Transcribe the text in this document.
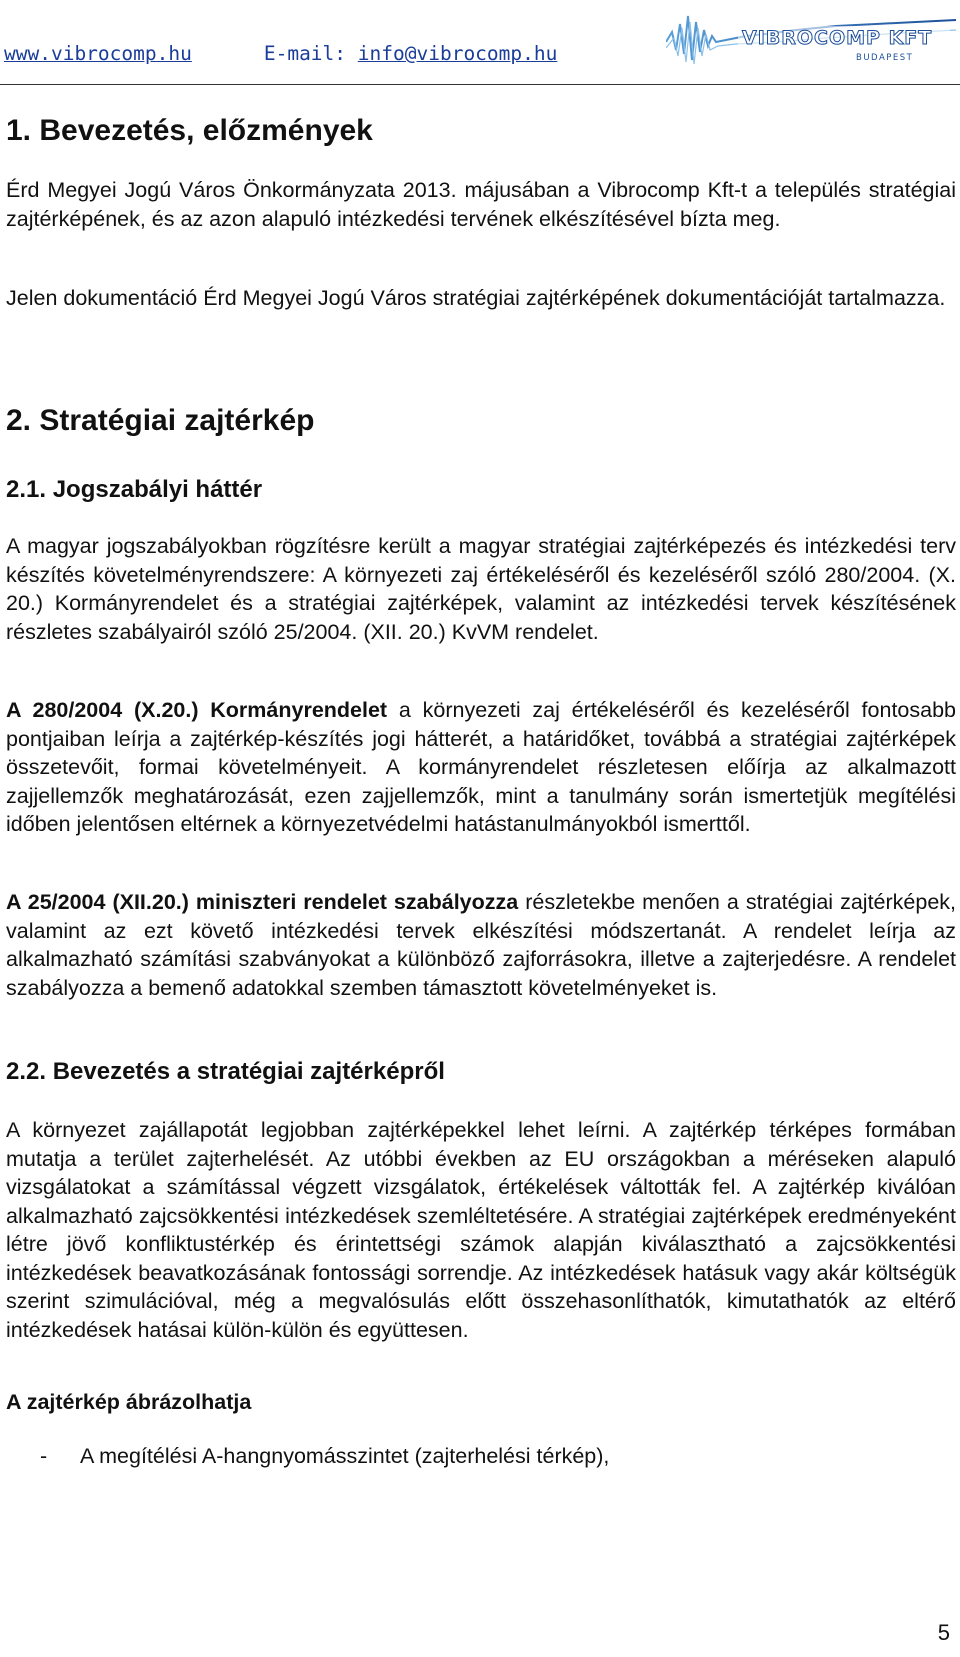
www.vibrocomp.hu	E-mail: info@vibrocomp.hu
VIBROCOMP KFT
BUDAPEST
1. Bevezetés, előzmények

Érd Megyei Jogú Város Önkormányzata 2013. májusában a Vibrocomp Kft-t a település stratégiai zajtérképének, és az azon alapuló intézkedési tervének elkészítésével bízta meg.

Jelen dokumentáció Érd Megyei Jogú Város stratégiai zajtérképének dokumentációját tartalmazza.

2. Stratégiai zajtérkép
2.1. Jogszabályi háttér

A magyar jogszabályokban rögzítésre került a magyar stratégiai zajtérképezés és intézkedési terv készítés követelményrendszere: A környezeti zaj értékeléséről és kezeléséről szóló 280/2004. (X. 20.) Kormányrendelet és a stratégiai zajtérképek, valamint az intézkedési tervek készítésének részletes szabályairól szóló 25/2004. (XII. 20.) KvVM rendelet.

A 280/2004 (X.20.) Kormányrendelet a környezeti zaj értékeléséről és kezeléséről fontosabb pontjaiban leírja a zajtérkép-készítés jogi hátterét, a határidőket, továbbá a stratégiai zajtérképek összetevőit, formai követelményeit. A kormányrendelet részletesen előírja az alkalmazott zajjellemzők meghatározását, ezen zajjellemzők, mint a tanulmány során ismertetjük megítélési időben jelentősen eltérnek a környezetvédelmi hatástanulmányokból ismerttől.

A 25/2004 (XII.20.) miniszteri rendelet szabályozza részletekbe menően a stratégiai zajtérképek, valamint az ezt követő intézkedési tervek elkészítési módszertanát. A rendelet leírja az alkalmazható számítási szabványokat a különböző zajforrásokra, illetve a zajterjedésre. A rendelet szabályozza a bemenő adatokkal szemben támasztott követelményeket is.

2.2. Bevezetés a stratégiai zajtérképről

A környezet zajállapotát legjobban zajtérképekkel lehet leírni. A zajtérkép térképes formában mutatja a terület zajterhelését. Az utóbbi években az EU országokban a méréseken alapuló vizsgálatokat a számítással végzett vizsgálatok, értékelések váltották fel. A zajtérkép kiválóan alkalmazható zajcsökkentési intézkedések szemléltetésére. A stratégiai zajtérképek eredményeként létre jövő konfliktustérkép és érintettségi számok alapján kiválasztható a zajcsökkentési intézkedések beavatkozásának fontossági sorrendje. Az intézkedések hatásuk vagy akár költségük szerint szimulációval, még a megvalósulás előtt összehasonlíthatók, kimutathatók az eltérő intézkedések hatásai külön-külön és együttesen.

A zajtérkép ábrázolhatja
- A megítélési A-hangnyomásszintet (zajterhelési térkép),
5
